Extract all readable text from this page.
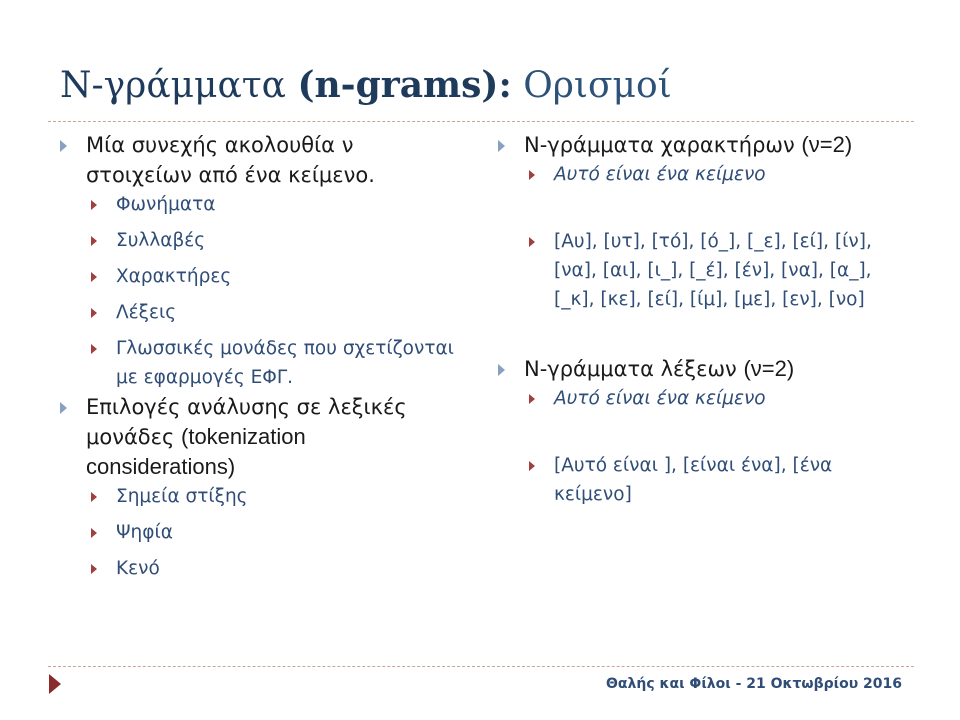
N-γράμματα (n-grams): Ορισμοί
Μία συνεχής ακολουθία ν στοιχείων από ένα κείμενο.
Φωνήματα
Συλλαβές
Χαρακτήρες
Λέξεις
Γλωσσικές μονάδες που σχετίζονται με εφαρμογές ΕΦΓ.
Επιλογές ανάλυσης σε λεξικές μονάδες (tokenization considerations)
Σημεία στίξης
Ψηφία
Κενό
N-γράμματα χαρακτήρων (ν=2)
Αυτό είναι ένα κείμενο
[Αυ], [υτ], [τό], [ό_], [_ε], [εί], [ίν], [να], [αι], [ι_], [_έ], [έν], [να], [α_], [_κ], [κε], [εί], [ίμ], [με], [εν], [νο]
N-γράμματα λέξεων (ν=2)
Αυτό είναι ένα κείμενο
[Αυτό είναι ], [είναι ένα], [ένα κείμενο]
Θαλής και Φίλοι - 21 Οκτωβρίου 2016
